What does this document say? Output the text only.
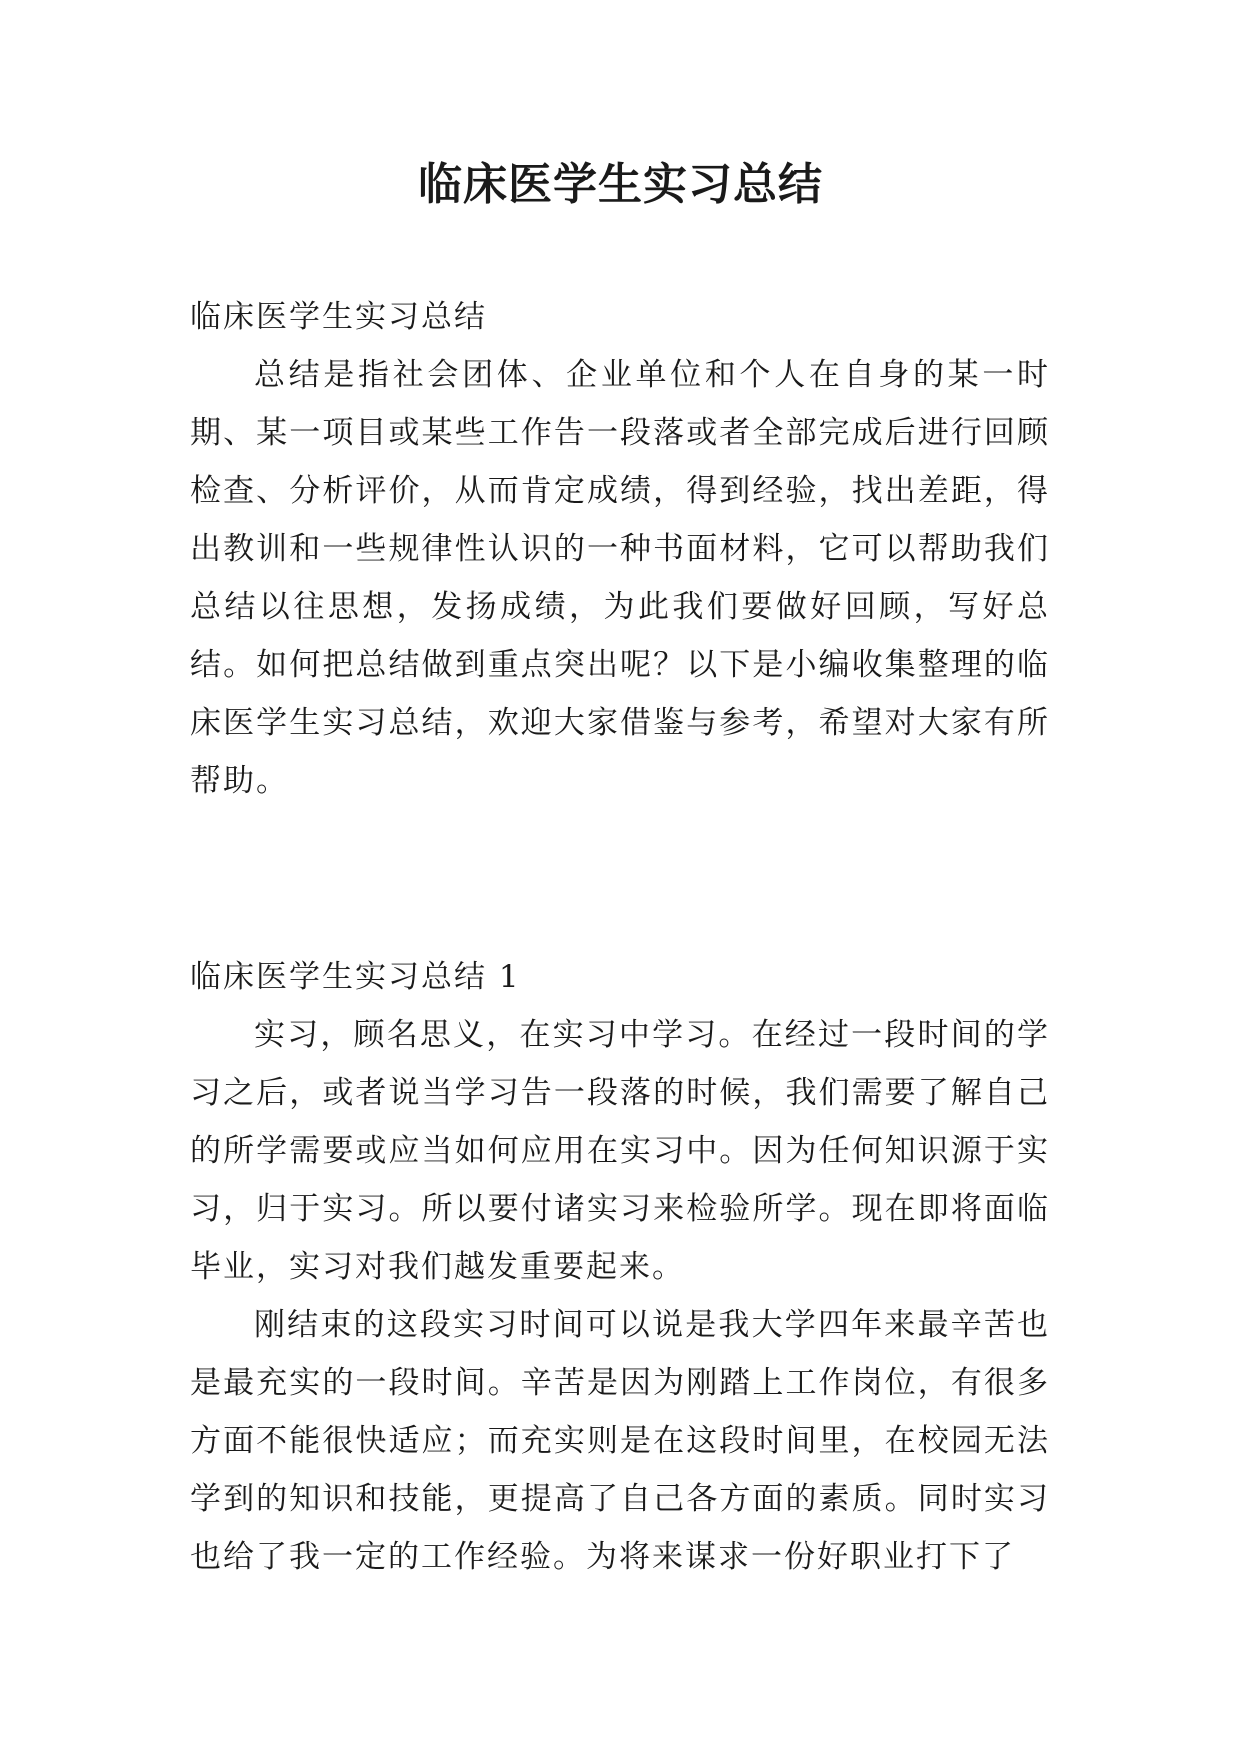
临床医学生实习总结

临床医学生实习总结

总结是指社会团体、企业单位和个人在自身的某一时期、某一项目或某些工作告一段落或者全部完成后进行回顾检查、分析评价，从而肯定成绩，得到经验，找出差距，得出教训和一些规律性认识的一种书面材料，它可以帮助我们总结以往思想，发扬成绩，为此我们要做好回顾，写好总结。如何把总结做到重点突出呢？以下是小编收集整理的临床医学生实习总结，欢迎大家借鉴与参考，希望对大家有所帮助。

临床医学生实习总结 1

实习，顾名思义，在实习中学习。在经过一段时间的学习之后，或者说当学习告一段落的时候，我们需要了解自己的所学需要或应当如何应用在实习中。因为任何知识源于实习，归于实习。所以要付诸实习来检验所学。现在即将面临毕业，实习对我们越发重要起来。

刚结束的这段实习时间可以说是我大学四年来最辛苦也是最充实的一段时间。辛苦是因为刚踏上工作岗位，有很多方面不能很快适应；而充实则是在这段时间里，在校园无法学到的知识和技能，更提高了自己各方面的素质。同时实习也给了我一定的工作经验。为将来谋求一份好职业打下了
